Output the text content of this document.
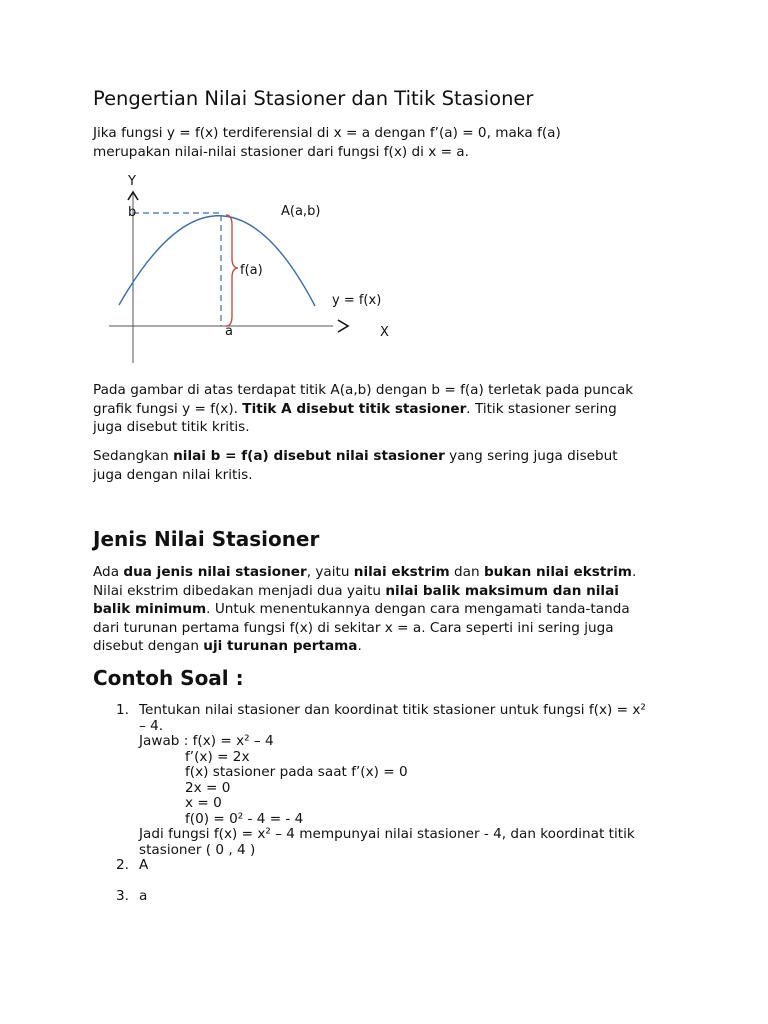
Pengertian Nilai Stasioner dan Titik Stasioner
Jika fungsi y = f(x) terdiferensial di x = a dengan f’(a) = 0, maka f(a)
merupakan nilai-nilai stasioner dari fungsi f(x) di x = a.
Y
b	A(a,b)
f(a)
y = f(x)
a	X
Pada gambar di atas terdapat titik A(a,b) dengan b = f(a) terletak pada puncak
grafik fungsi y = f(x). Titik A disebut titik stasioner. Titik stasioner sering
juga disebut titik kritis.
Sedangkan nilai b = f(a) disebut nilai stasioner yang sering juga disebut
juga dengan nilai kritis.
Jenis Nilai Stasioner
Ada dua jenis nilai stasioner, yaitu nilai ekstrim dan bukan nilai ekstrim.
Nilai ekstrim dibedakan menjadi dua yaitu nilai balik maksimum dan nilai
balik minimum. Untuk menentukannya dengan cara mengamati tanda-tanda
dari turunan pertama fungsi f(x) di sekitar x = a. Cara seperti ini sering juga
disebut dengan uji turunan pertama.
Contoh Soal :
1. Tentukan nilai stasioner dan koordinat titik stasioner untuk fungsi f(x) = x²
– 4.
Jawab : f(x) = x² – 4
f’(x) = 2x
f(x) stasioner pada saat f’(x) = 0
2x = 0
x = 0
f(0) = 0² - 4 = - 4
Jadi fungsi f(x) = x² – 4 mempunyai nilai stasioner - 4, dan koordinat titik
stasioner ( 0 , 4 )
2. A
3. a
